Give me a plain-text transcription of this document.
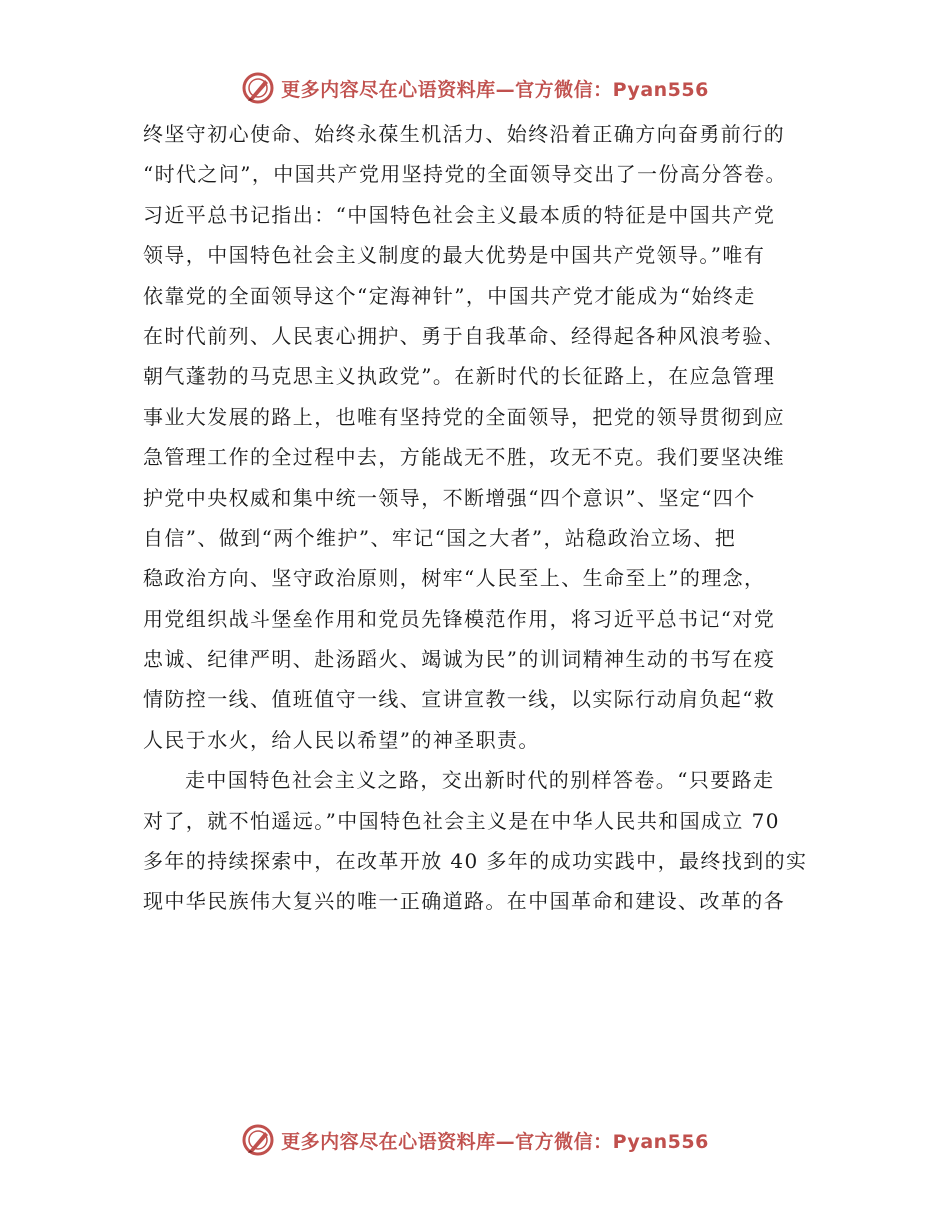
更多内容尽在心语资料库—官方微信：Pyan556
终坚守初心使命、始终永葆生机活力、始终沿着正确方向奋勇前行的
“时代之问”，中国共产党用坚持党的全面领导交出了一份高分答卷。
习近平总书记指出：“中国特色社会主义最本质的特征是中国共产党
领导，中国特色社会主义制度的最大优势是中国共产党领导。”唯有
依靠党的全面领导这个“定海神针”，中国共产党才能成为“始终走
在时代前列、人民衷心拥护、勇于自我革命、经得起各种风浪考验、
朝气蓬勃的马克思主义执政党”。在新时代的长征路上，在应急管理
事业大发展的路上，也唯有坚持党的全面领导，把党的领导贯彻到应
急管理工作的全过程中去，方能战无不胜，攻无不克。我们要坚决维
护党中央权威和集中统一领导，不断增强“四个意识”、坚定“四个
自信”、做到“两个维护”、牢记“国之大者”，站稳政治立场、把
稳政治方向、坚守政治原则，树牢“人民至上、生命至上”的理念，
用党组织战斗堡垒作用和党员先锋模范作用，将习近平总书记“对党
忠诚、纪律严明、赴汤蹈火、竭诚为民”的训词精神生动的书写在疫
情防控一线、值班值守一线、宣讲宣教一线，以实际行动肩负起“救
人民于水火，给人民以希望”的神圣职责。
走中国特色社会主义之路，交出新时代的别样答卷。“只要路走
对了，就不怕遥远。”中国特色社会主义是在中华人民共和国成立 70
多年的持续探索中，在改革开放 40 多年的成功实践中，最终找到的实
现中华民族伟大复兴的唯一正确道路。在中国革命和建设、改革的各
更多内容尽在心语资料库—官方微信：Pyan556
